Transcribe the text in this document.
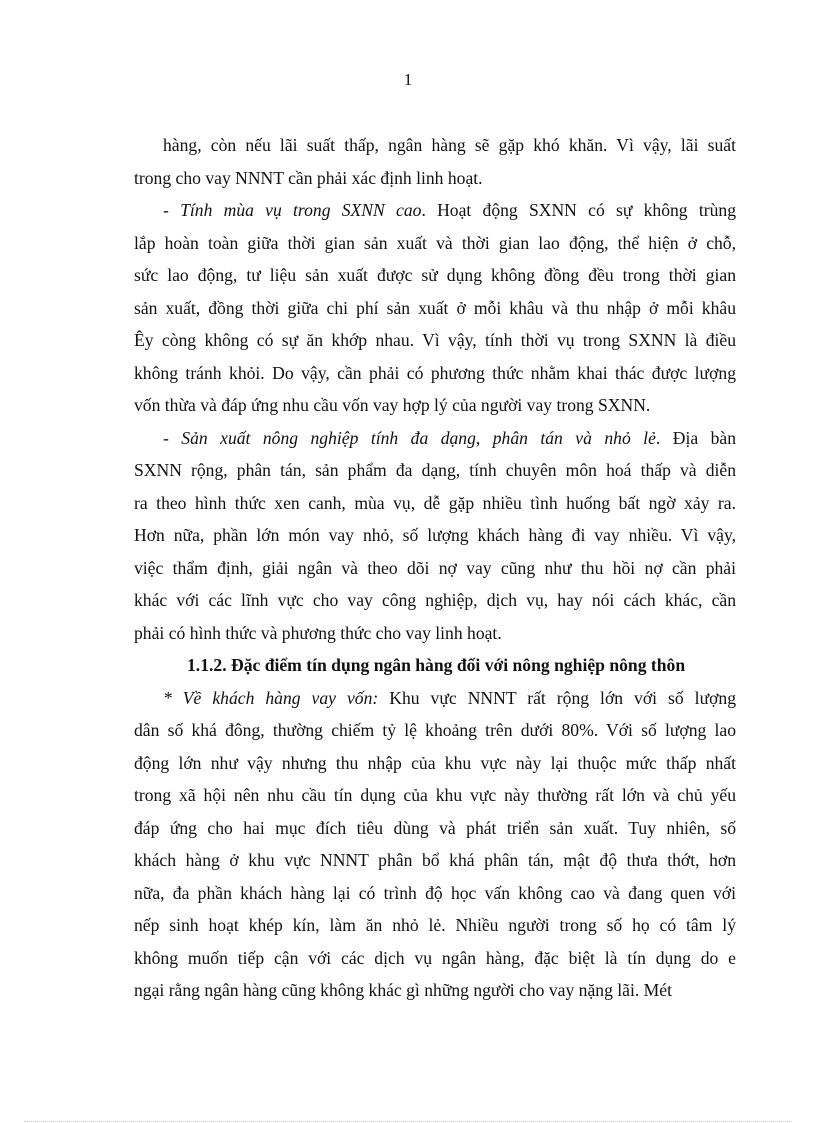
1
hàng, còn nếu lãi suất thấp, ngân hàng sẽ gặp khó khăn. Vì vậy, lãi suất
trong cho vay NNNT cần phải xác định linh hoạt.
- Tính mùa vụ trong SXNN cao. Hoạt động SXNN có sự không trùng
lắp hoàn toàn giữa thời gian sản xuất và thời gian lao động, thể hiện ở chỗ,
sức lao động, tư liệu sản xuất được sử dụng không đồng đều trong thời gian
sản xuất, đồng thời giữa chi phí sản xuất ở mỗi khâu và thu nhập ở mỗi khâu
Êy còng không có sự ăn khớp nhau. Vì vậy, tính thời vụ trong SXNN là điều
không tránh khỏi. Do vậy, cần phải có phương thức nhằm khai thác được lượng
vốn thừa và đáp ứng nhu cầu vốn vay hợp lý của người vay trong SXNN.
- Sản xuất nông nghiệp tính đa dạng, phân tán và nhỏ lẻ. Địa bàn
SXNN rộng, phân tán, sản phẩm đa dạng, tính chuyên môn hoá thấp và diễn
ra theo hình thức xen canh, mùa vụ, dễ gặp nhiều tình huống bất ngờ xảy ra.
Hơn nữa, phần lớn món vay nhỏ, số lượng khách hàng đi vay nhiều. Vì vậy,
việc thẩm định, giải ngân và theo dõi nợ vay cũng như thu hồi nợ cần phải
khác với các lĩnh vực cho vay công nghiệp, dịch vụ, hay nói cách khác, cần
phải có hình thức và phương thức cho vay linh hoạt.
1.1.2. Đặc điểm tín dụng ngân hàng đối với nông nghiệp nông thôn
* Về khách hàng vay vốn: Khu vực NNNT rất rộng lớn với số lượng
dân số khá đông, thường chiếm tỷ lệ khoảng trên dưới 80%. Với số lượng lao
động lớn như vậy nhưng thu nhập của khu vực này lại thuộc mức thấp nhất
trong xã hội nên nhu cầu tín dụng của khu vực này thường rất lớn và chủ yếu
đáp ứng cho hai mục đích tiêu dùng và phát triển sản xuất. Tuy nhiên, số
khách hàng ở khu vực NNNT phân bổ khá phân tán, mật độ thưa thớt, hơn
nữa, đa phần khách hàng lại có trình độ học vấn không cao và đang quen với
nếp sinh hoạt khép kín, làm ăn nhỏ lẻ. Nhiều người trong số họ có tâm lý
không muốn tiếp cận với các dịch vụ ngân hàng, đặc biệt là tín dụng do e
ngại rằng ngân hàng cũng không khác gì những người cho vay nặng lãi. Mét
